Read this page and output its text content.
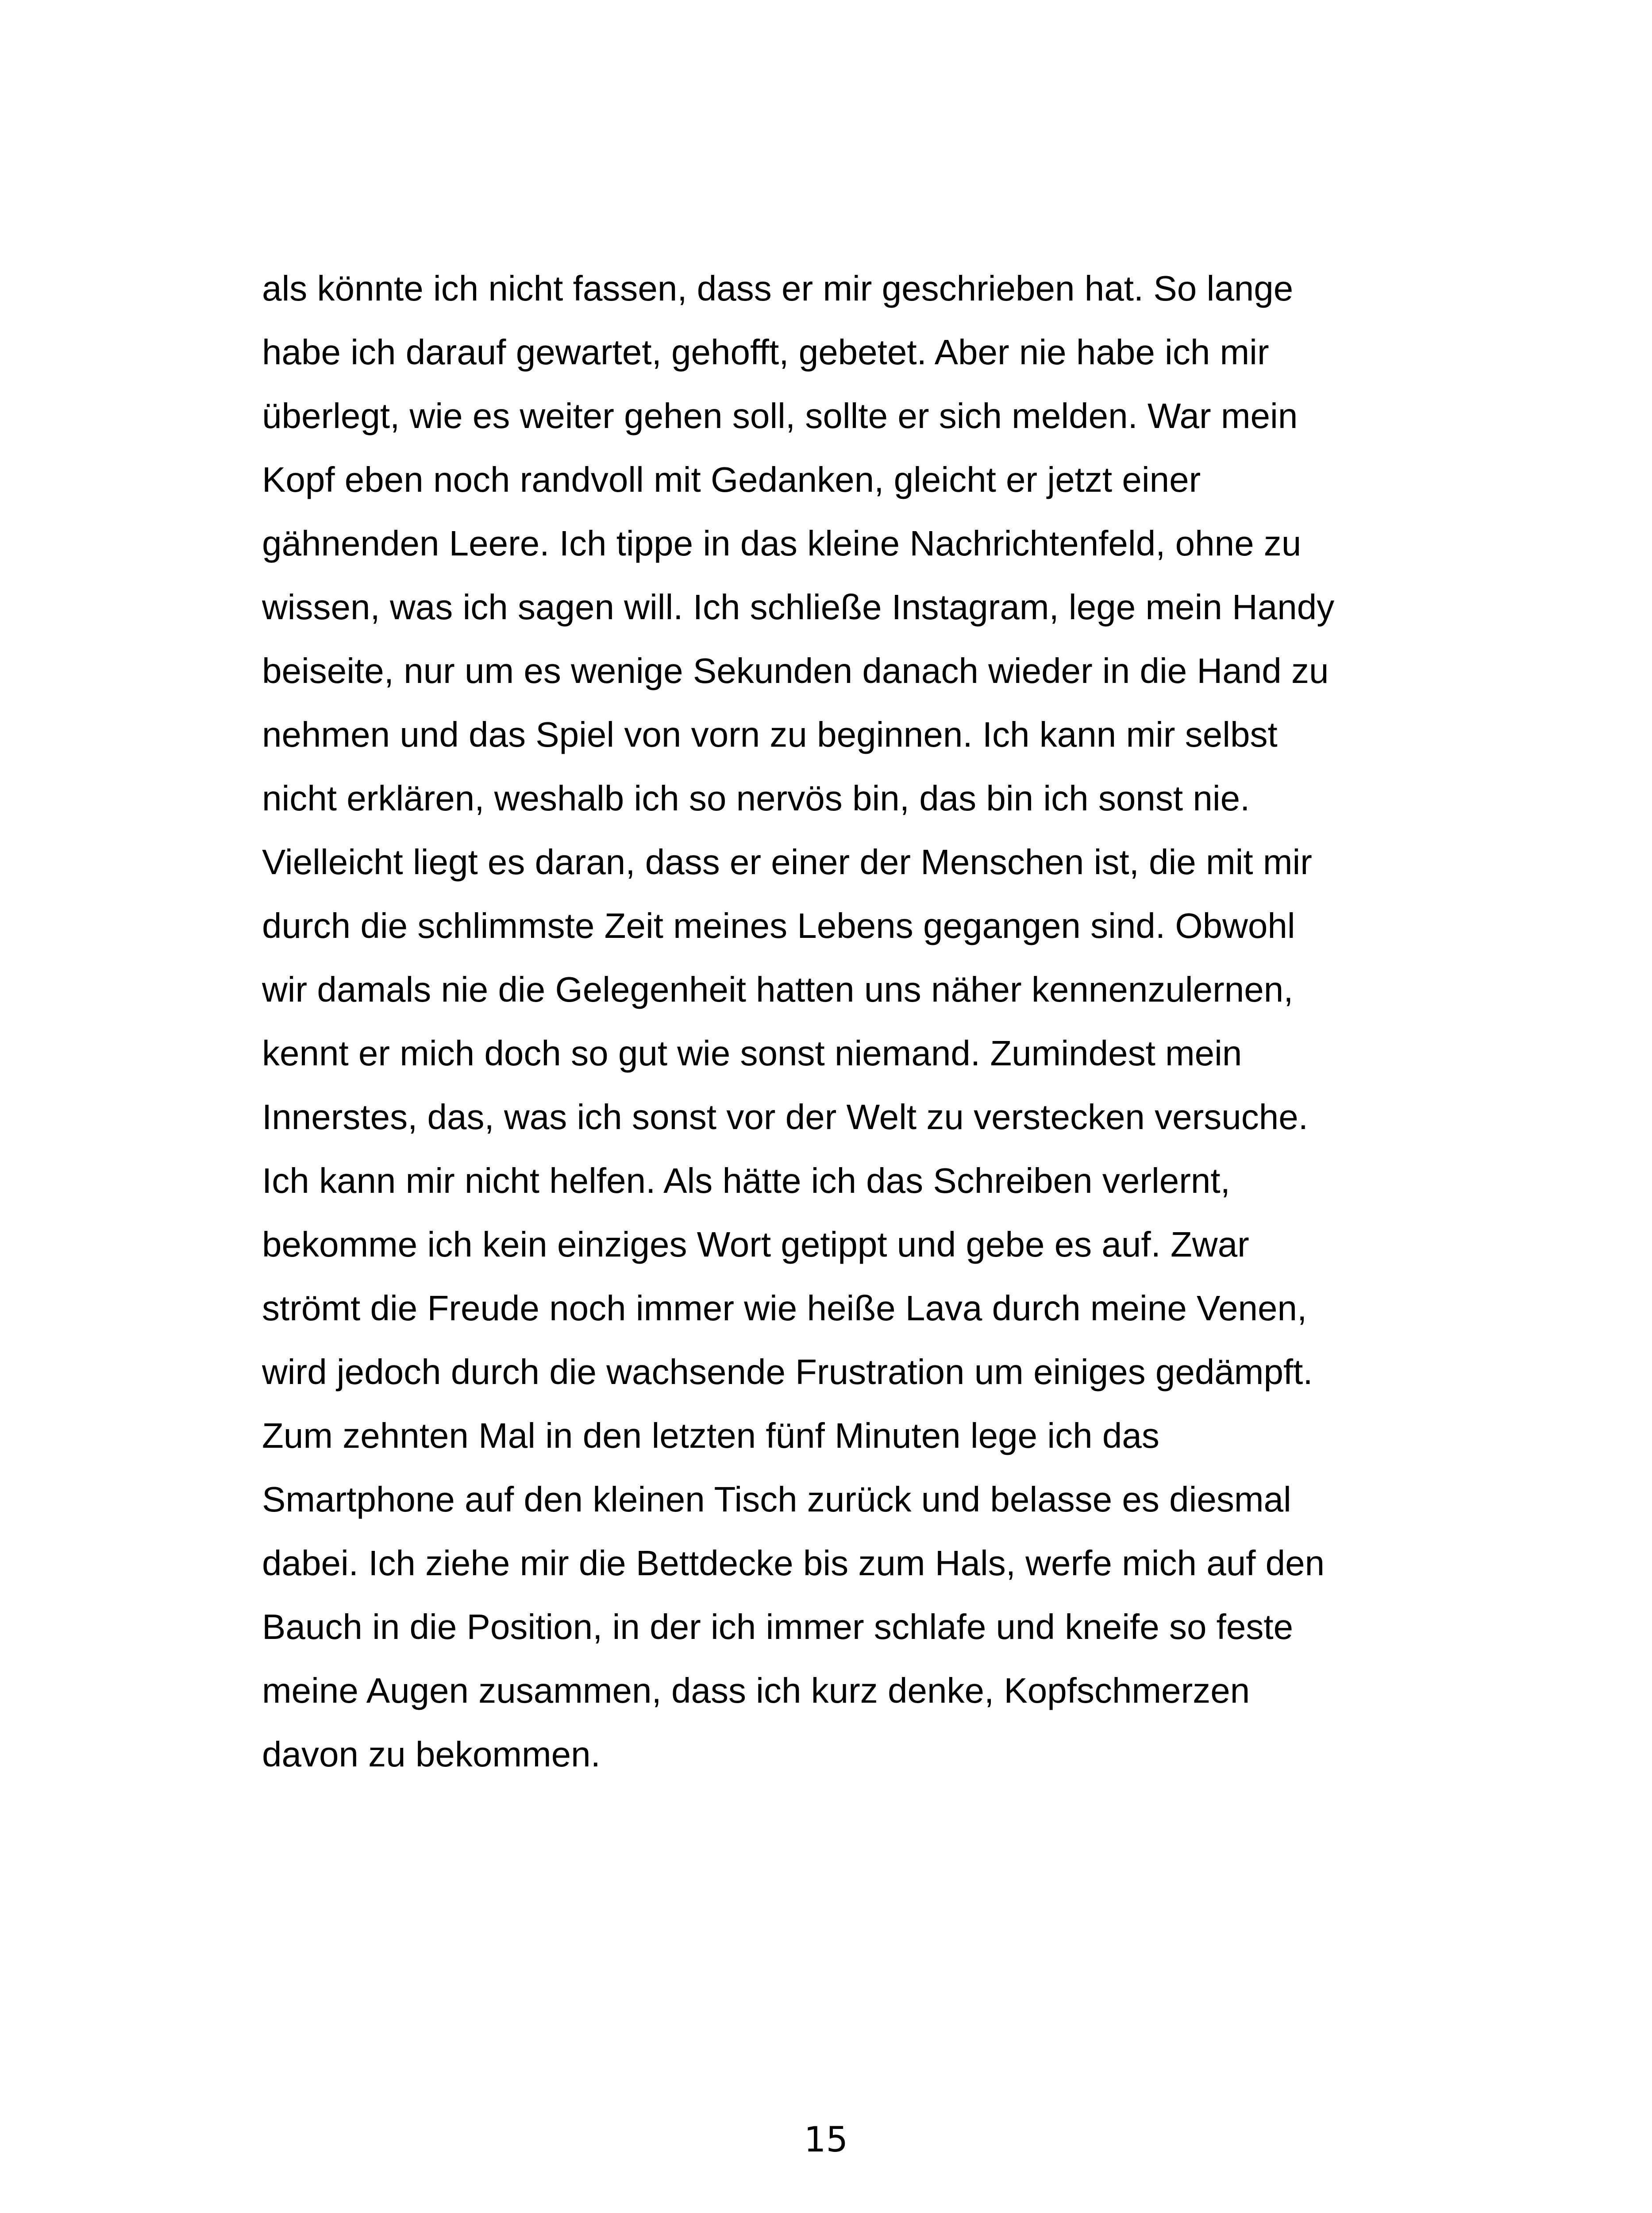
als könnte ich nicht fassen, dass er mir geschrieben hat. So lange
habe ich darauf gewartet, gehofft, gebetet. Aber nie habe ich mir
überlegt, wie es weiter gehen soll, sollte er sich melden. War mein
Kopf eben noch randvoll mit Gedanken, gleicht er jetzt einer
gähnenden Leere. Ich tippe in das kleine Nachrichtenfeld, ohne zu
wissen, was ich sagen will. Ich schließe Instagram, lege mein Handy
beiseite, nur um es wenige Sekunden danach wieder in die Hand zu
nehmen und das Spiel von vorn zu beginnen. Ich kann mir selbst
nicht erklären, weshalb ich so nervös bin, das bin ich sonst nie.
Vielleicht liegt es daran, dass er einer der Menschen ist, die mit mir
durch die schlimmste Zeit meines Lebens gegangen sind. Obwohl
wir damals nie die Gelegenheit hatten uns näher kennenzulernen,
kennt er mich doch so gut wie sonst niemand. Zumindest mein
Innerstes, das, was ich sonst vor der Welt zu verstecken versuche.
Ich kann mir nicht helfen. Als hätte ich das Schreiben verlernt,
bekomme ich kein einziges Wort getippt und gebe es auf. Zwar
strömt die Freude noch immer wie heiße Lava durch meine Venen,
wird jedoch durch die wachsende Frustration um einiges gedämpft.
Zum zehnten Mal in den letzten fünf Minuten lege ich das
Smartphone auf den kleinen Tisch zurück und belasse es diesmal
dabei. Ich ziehe mir die Bettdecke bis zum Hals, werfe mich auf den
Bauch in die Position, in der ich immer schlafe und kneife so feste
meine Augen zusammen, dass ich kurz denke, Kopfschmerzen
davon zu bekommen.
15
